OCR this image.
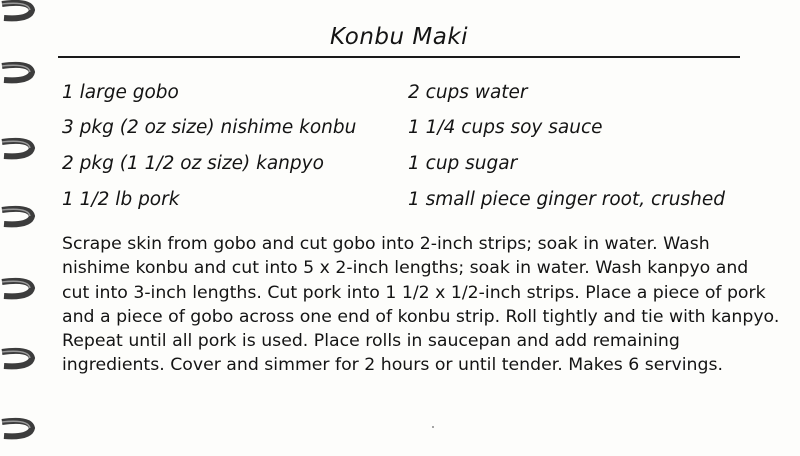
Konbu Maki
1 large gobo
3 pkg (2 oz size) nishime konbu
2 pkg (1 1/2 oz size) kanpyo
1 1/2 lb pork
2 cups water
1 1/4 cups soy sauce
1 cup sugar
1 small piece ginger root, crushed
Scrape skin from gobo and cut gobo into 2-inch strips; soak in water. Wash
nishime konbu and cut into 5 x 2-inch lengths; soak in water. Wash kanpyo and
cut into 3-inch lengths. Cut pork into 1 1/2 x 1/2-inch strips. Place a piece of pork
and a piece of gobo across one end of konbu strip. Roll tightly and tie with kanpyo.
Repeat until all pork is used. Place rolls in saucepan and add remaining
ingredients. Cover and simmer for 2 hours or until tender. Makes 6 servings.
